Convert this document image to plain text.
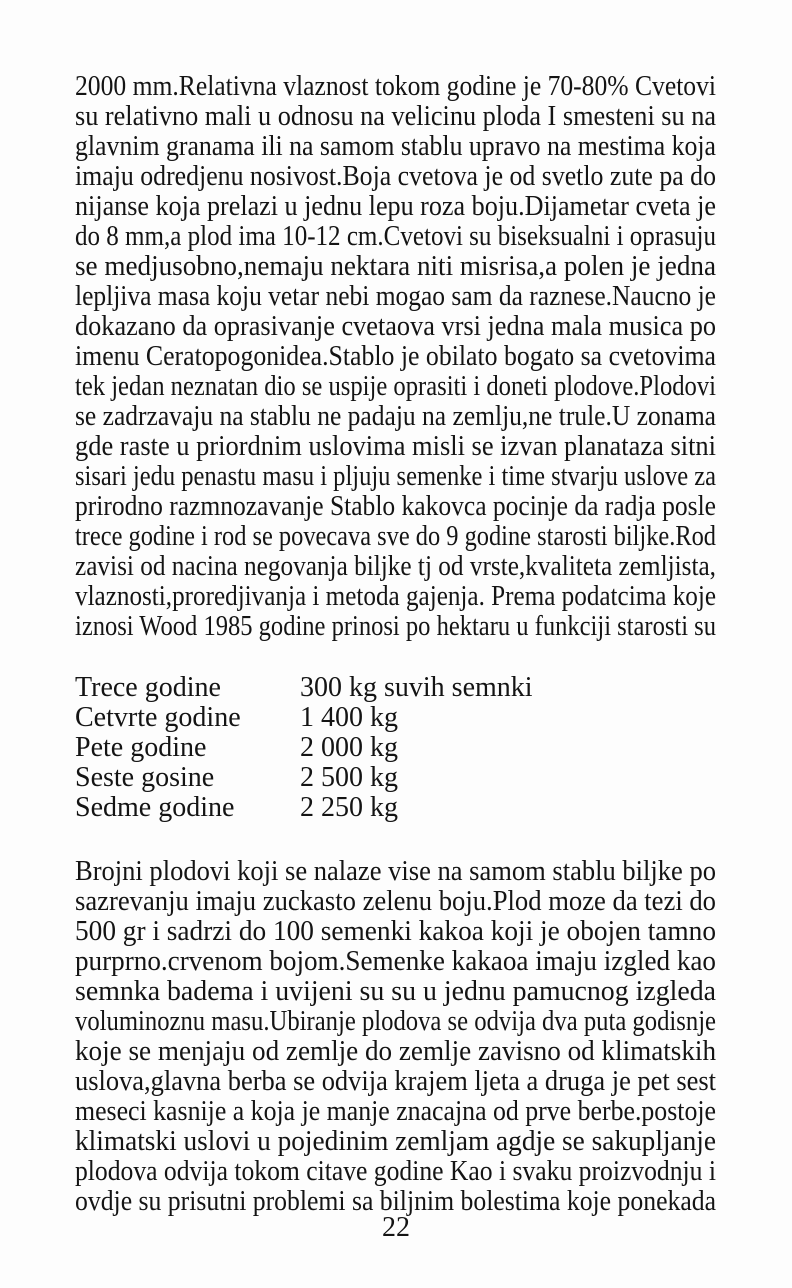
2000 mm.Relativna vlaznost tokom godine je 70-80% Cvetovi
su relativno mali u odnosu na velicinu ploda I smesteni su na
glavnim granama ili na samom stablu upravo na mestima koja
imaju odredjenu nosivost.Boja cvetova je od svetlo zute pa do
nijanse koja prelazi u jednu lepu roza boju.Dijametar cveta je
do 8 mm,a plod ima 10-12 cm.Cvetovi su biseksualni i oprasuju
se medjusobno,nemaju nektara niti misrisa,a polen je jedna
lepljiva masa koju vetar nebi mogao sam da raznese.Naucno je
dokazano da oprasivanje cvetaova vrsi jedna mala musica po
imenu Ceratopogonidea.Stablo je obilato bogato sa cvetovima
tek jedan neznatan dio se uspije oprasiti i doneti plodove.Plodovi
se zadrzavaju na stablu ne padaju na zemlju,ne trule.U zonama
gde raste u priordnim uslovima misli se izvan planataza sitni
sisari jedu penastu masu i pljuju semenke i time stvarju uslove za
prirodno razmnozavanje Stablo kakovca pocinje da radja posle
trece godine i rod se povecava sve do 9 godine starosti biljke.Rod
zavisi od nacina negovanja biljke tj od vrste,kvaliteta zemljista,
vlaznosti,proredjivanja i metoda gajenja. Prema podatcima koje
iznosi Wood 1985 godine prinosi po hektaru u funkciji starosti su
Trece godine	300 kg suvih semnki
Cetvrte godine	1 400 kg
Pete godine	2 000 kg
Seste gosine	2 500 kg
Sedme godine	2 250 kg
Brojni plodovi koji se nalaze vise na samom stablu biljke po
sazrevanju imaju zuckasto zelenu boju.Plod moze da tezi do
500 gr i sadrzi do 100 semenki kakoa koji je obojen tamno
purprno.crvenom bojom.Semenke kakaoa imaju izgled kao
semnka badema i uvijeni su su u jednu pamucnog izgleda
voluminoznu masu.Ubiranje plodova se odvija dva puta godisnje
koje se menjaju od zemlje do zemlje zavisno od klimatskih
uslova,glavna berba se odvija krajem ljeta a druga je pet sest
meseci kasnije a koja je manje znacajna od prve berbe.postoje
klimatski uslovi u pojedinim zemljam agdje se sakupljanje
plodova odvija tokom citave godine Kao i svaku proizvodnju i
ovdje su prisutni problemi sa biljnim bolestima koje ponekada
22
